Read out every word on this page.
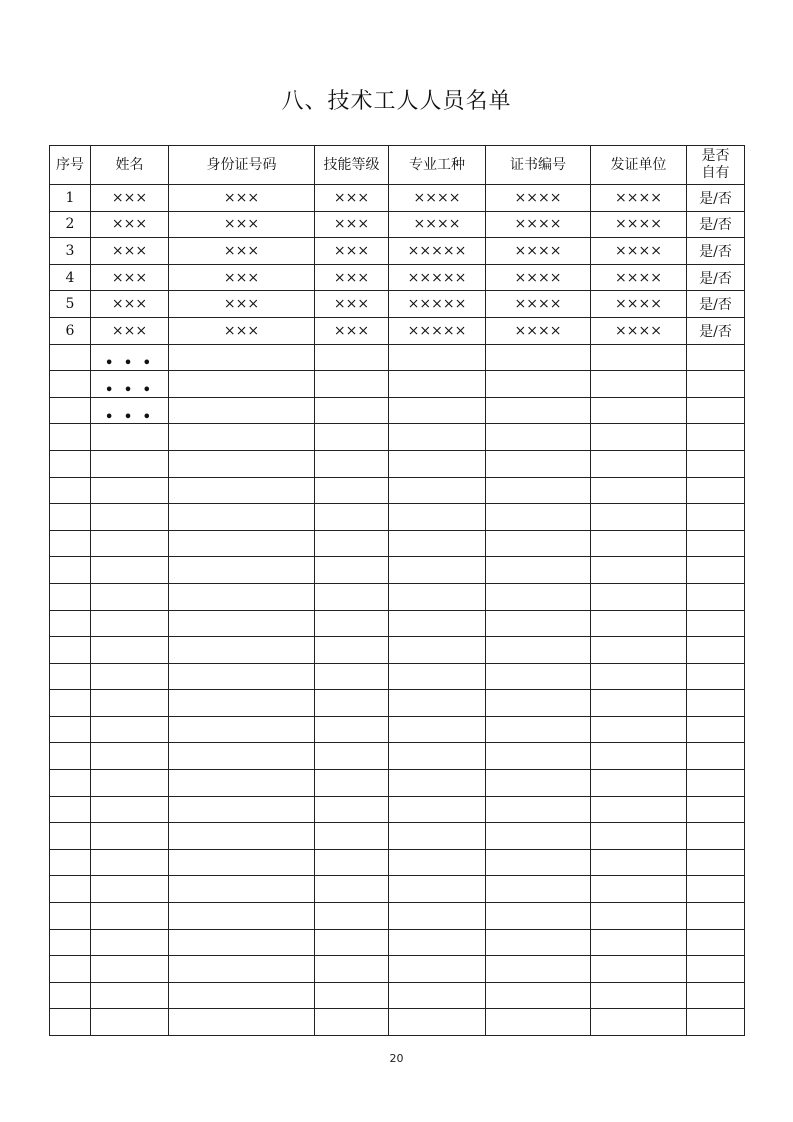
八、技术工人人员名单
序号	姓名	身份证号码	技能等级	专业工种	证书编号	发证单位	是否自有
1	×××	×××	×××	××××	××××	××××	是/否
2	×××	×××	×××	××××	××××	××××	是/否
3	×××	×××	×××	×××××	××××	××××	是/否
4	×××	×××	×××	×××××	××××	××××	是/否
5	×××	×××	×××	×××××	××××	××××	是/否
6	×××	×××	×××	×××××	××××	××××	是/否
	• • •						
	• • •						
	• • •						

20
